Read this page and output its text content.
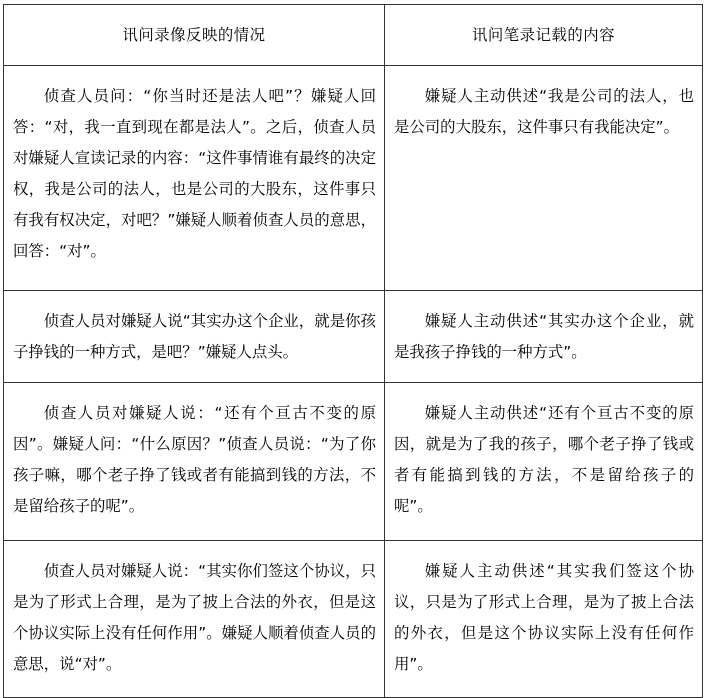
讯问录像反映的情况	讯问笔录记载的内容

侦查人员问：“你当时还是法人吧”？嫌疑人回答：“对，我一直到现在都是法人”。之后，侦查人员对嫌疑人宣读记录的内容：“这件事情谁有最终的决定权，我是公司的法人，也是公司的大股东，这件事只有我有权决定，对吧？”嫌疑人顺着侦查人员的意思，回答：“对”。	嫌疑人主动供述“我是公司的法人，也是公司的大股东，这件事只有我能决定”。

侦查人员对嫌疑人说“其实办这个企业，就是你孩子挣钱的一种方式，是吧？”嫌疑人点头。	嫌疑人主动供述“其实办这个企业，就是我孩子挣钱的一种方式”。

侦查人员对嫌疑人说：“还有个亘古不变的原因”。嫌疑人问：“什么原因？”侦查人员说：“为了你孩子嘛，哪个老子挣了钱或者有能搞到钱的方法，不是留给孩子的呢”。	嫌疑人主动供述“还有个亘古不变的原因，就是为了我的孩子，哪个老子挣了钱或者有能搞到钱的方法，不是留给孩子的呢”。

侦查人员对嫌疑人说：“其实你们签这个协议，只是为了形式上合理，是为了披上合法的外衣，但是这个协议实际上没有任何作用”。嫌疑人顺着侦查人员的意思，说“对”。	嫌疑人主动供述“其实我们签这个协议，只是为了形式上合理，是为了披上合法的外衣，但是这个协议实际上没有任何作用”。
